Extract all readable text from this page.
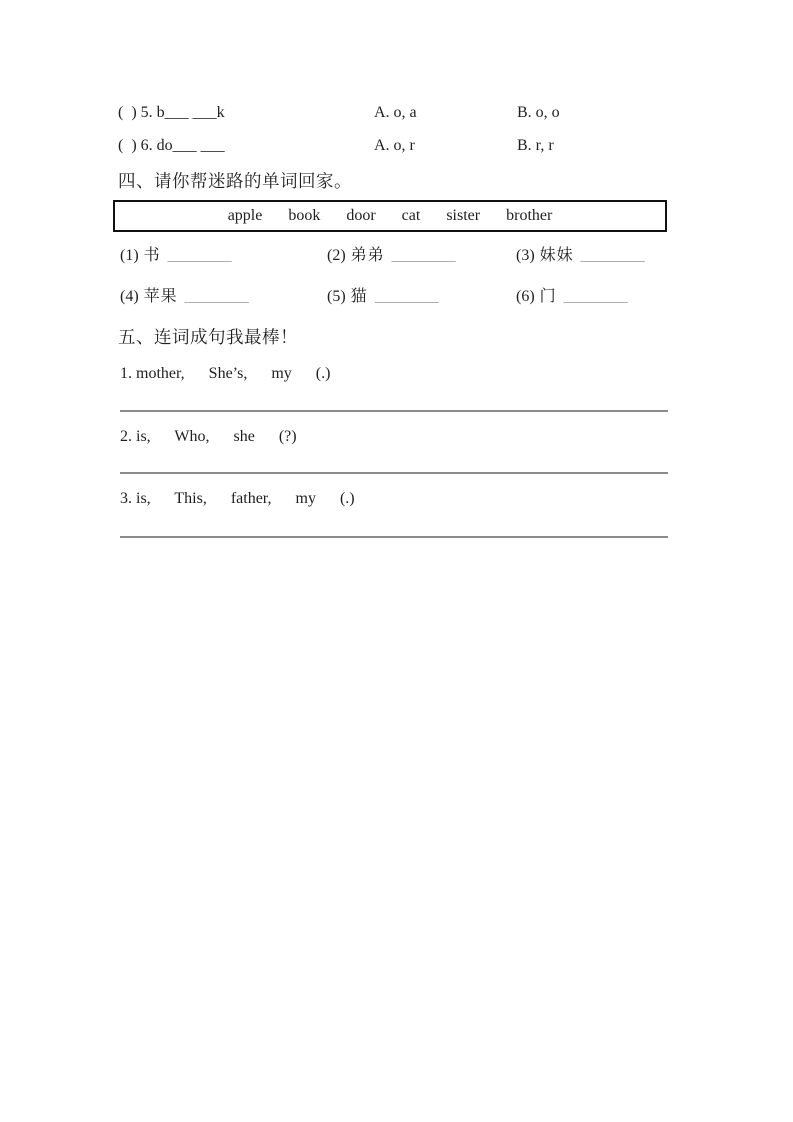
(  ) 5. b___ ___k	A. o, a	B. o, o
(  ) 6. do___ ___	A. o, r	B. r, r
四、请你帮迷路的单词回家。
apple book door cat sister brother
(1) 书 ________	(2) 弟弟 ________	(3) 妹妹 ________
(4) 苹果 ________	(5) 猫 ________	(6) 门 ________
五、连词成句我最棒！
1. mother,      She’s,      my      (.)
2. is,      Who,      she      (?)
3. is,      This,      father,      my      (.)
